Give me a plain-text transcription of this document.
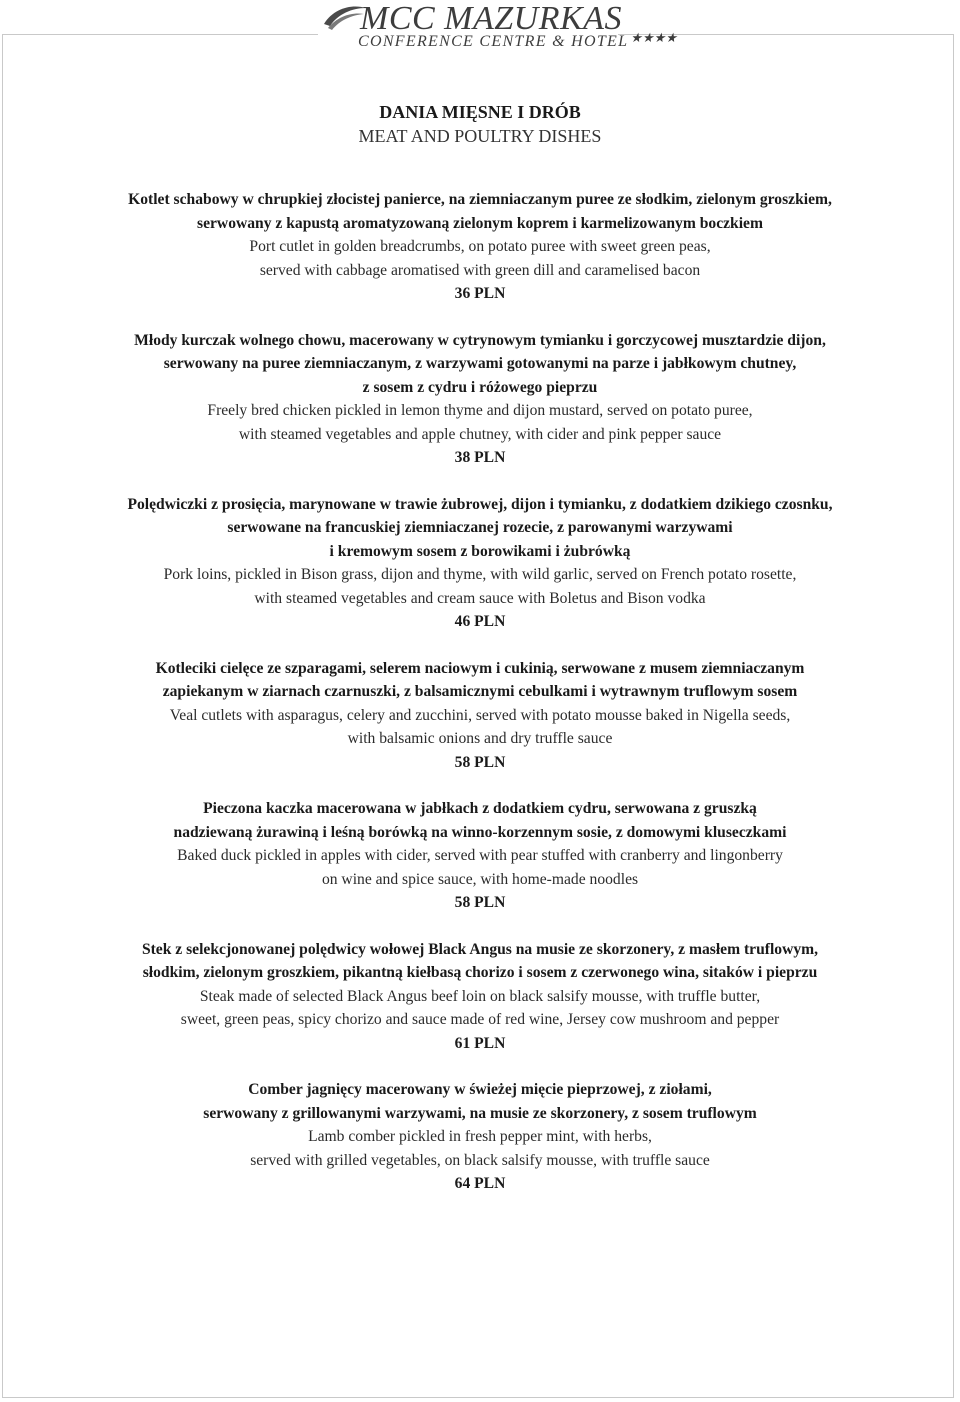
MCC MAZURKAS
CONFERENCE CENTRE & HOTEL ★★★★
DANIA MIĘSNE I DRÓB
MEAT AND POULTRY DISHES
Kotlet schabowy w chrupkiej złocistej panierce, na ziemniaczanym puree ze słodkim, zielonym groszkiem,
serwowany z kapustą aromatyzowaną zielonym koprem i karmelizowanym boczkiem
Port cutlet in golden breadcrumbs, on potato puree with sweet green peas,
served with cabbage aromatised with green dill and caramelised bacon
36 PLN
Młody kurczak wolnego chowu, macerowany w cytrynowym tymianku i gorczycowej musztardzie dijon,
serwowany na puree ziemniaczanym, z warzywami gotowanymi na parze i jabłkowym chutney,
z sosem z cydru i różowego pieprzu
Freely bred chicken pickled in lemon thyme and dijon mustard, served on potato puree,
with steamed vegetables and apple chutney, with cider and pink pepper sauce
38 PLN
Polędwiczki z prosięcia, marynowane w trawie żubrowej, dijon i tymianku, z dodatkiem dzikiego czosnku,
serwowane na francuskiej ziemniaczanej rozecie, z parowanymi warzywami
i kremowym sosem z borowikami i żubrówką
Pork loins, pickled in Bison grass, dijon and thyme, with wild garlic, served on French potato rosette,
with steamed vegetables and cream sauce with Boletus and Bison vodka
46 PLN
Kotleciki cielęce ze szparagami, selerem naciowym i cukinią, serwowane z musem ziemniaczanym
zapiekanym w ziarnach czarnuszki, z balsamicznymi cebulkami i wytrawnym truflowym sosem
Veal cutlets with asparagus, celery and zucchini, served with potato mousse baked in Nigella seeds,
with balsamic onions and dry truffle sauce
58 PLN
Pieczona kaczka macerowana w jabłkach z dodatkiem cydru, serwowana z gruszką
nadziewaną żurawiną i leśną borówką na winno-korzennym sosie, z domowymi kluseczkami
Baked duck pickled in apples with cider, served with pear stuffed with cranberry and lingonberry
on wine and spice sauce, with home-made noodles
58 PLN
Stek z selekcjonowanej polędwicy wołowej Black Angus na musie ze skorzonery, z masłem truflowym,
słodkim, zielonym groszkiem, pikantną kiełbasą chorizo i sosem z czerwonego wina, sitaków i pieprzu
Steak made of selected Black Angus beef loin on black salsify mousse, with truffle butter,
sweet, green peas, spicy chorizo and sauce made of red wine, Jersey cow mushroom and pepper
61 PLN
Comber jagnięcy macerowany w świeżej mięcie pieprzowej, z ziołami,
serwowany z grillowanymi warzywami, na musie ze skorzonery, z sosem truflowym
Lamb comber pickled in fresh pepper mint, with herbs,
served with grilled vegetables, on black salsify mousse, with truffle sauce
64 PLN
